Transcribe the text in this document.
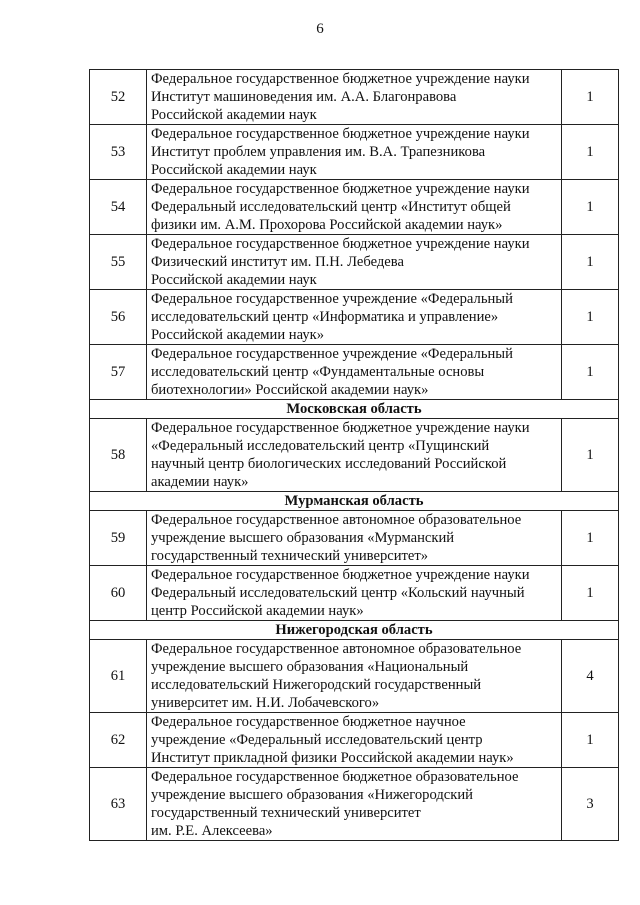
6
52	Федеральное государственное бюджетное учреждение науки
Институт машиноведения им. А.А. Благонравова
Российской академии наук	1
53	Федеральное государственное бюджетное учреждение науки
Институт проблем управления им. В.А. Трапезникова
Российской академии наук	1
54	Федеральное государственное бюджетное учреждение науки
Федеральный исследовательский центр «Институт общей
физики им. А.М. Прохорова Российской академии наук»	1
55	Федеральное государственное бюджетное учреждение науки
Физический институт им. П.Н. Лебедева
Российской академии наук	1
56	Федеральное государственное учреждение «Федеральный
исследовательский центр «Информатика и управление»
Российской академии наук»	1
57	Федеральное государственное учреждение «Федеральный
исследовательский центр «Фундаментальные основы
биотехнологии» Российской академии наук»	1
Московская область		
58	Федеральное государственное бюджетное учреждение науки
«Федеральный исследовательский центр «Пущинский
научный центр биологических исследований Российской
академии наук»	1
Мурманская область		
59	Федеральное государственное автономное образовательное
учреждение высшего образования «Мурманский
государственный технический университет»	1
60	Федеральное государственное бюджетное учреждение науки
Федеральный исследовательский центр «Кольский научный
центр Российской академии наук»	1
Нижегородская область		
61	Федеральное государственное автономное образовательное
учреждение высшего образования «Национальный
исследовательский Нижегородский государственный
университет им. Н.И. Лобачевского»	4
62	Федеральное государственное бюджетное научное
учреждение «Федеральный исследовательский центр
Институт прикладной физики Российской академии наук»	1
63	Федеральное государственное бюджетное образовательное
учреждение высшего образования «Нижегородский
государственный технический университет
им. Р.Е. Алексеева»	3
